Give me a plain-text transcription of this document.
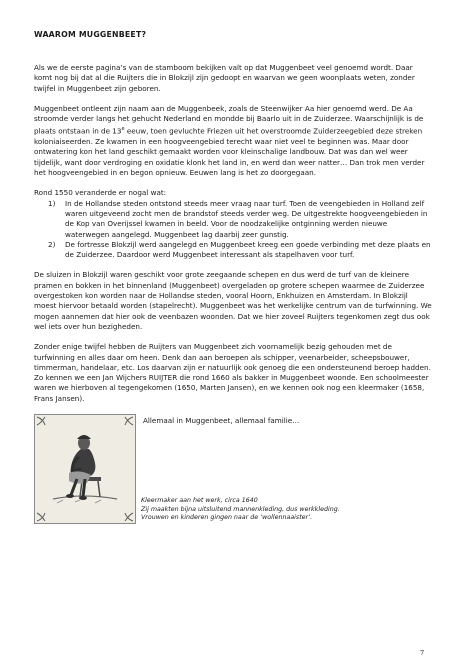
WAAROM MUGGENBEET?
Als we de eerste pagina’s van de stamboom bekijken valt op dat Muggenbeet veel genoemd wordt. Daar komt nog bij dat al die Ruijters die in Blokzijl zijn gedoopt en waarvan we geen woonplaats weten, zonder twijfel in Muggenbeet zijn geboren.
Muggenbeet ontleent zijn naam aan de Muggenbeek, zoals de Steenwijker Aa hier genoemd werd. De Aa stroomde verder langs het gehucht Nederland en mondde bij Baarlo uit in de Zuiderzee. Waarschijnlijk is de plaats ontstaan in de 13e eeuw, toen gevluchte Friezen uit het overstroomde Zuiderzeegebied deze streken koloniaiseerden. Ze kwamen in een hoogveengebied terecht waar niet veel te beginnen was. Maar door ontwatering kon het land geschikt gemaakt worden voor kleinschalige landbouw. Dat was dan wel weer tijdelijk, want door verdroging en oxidatie klonk het land in, en werd dan weer natter… Dan trok men verder het hoogveengebied in en begon opnieuw. Eeuwen lang is het zo doorgegaan.
Rond 1550 veranderde er nogal wat:
1) In de Hollandse steden ontstond steeds meer vraag naar turf. Toen de veengebieden in Holland zelf waren uitgeveend zocht men de brandstof steeds verder weg. De uitgestrekte hoogveengebieden in de Kop van Overijssel kwamen in beeld. Voor de noodzakelijke ontginning werden nieuwe waterwegen aangelegd. Muggenbeet lag daarbij zeer gunstig.
2) De fortresse Blokzijl werd aangelegd en Muggenbeet kreeg een goede verbinding met deze plaats en de Zuiderzee. Daardoor werd Muggenbeet interessant als stapelhaven voor turf.
De sluizen in Blokzijl waren geschikt voor grote zeegaande schepen en dus werd de turf van de kleinere pramen en bokken in het binnenland (Muggenbeet) overgeladen op grotere schepen waarmee de Zuiderzee overgestoken kon worden naar de Hollandse steden, vooral Hoorn, Enkhuizen en Amsterdam. In Blokzijl moest hiervoor betaald worden (stapelrecht). Muggenbeet was het werkelijke centrum van de turfwinning. We mogen aannemen dat hier ook de veenbazen woonden. Dat we hier zoveel Ruijters tegenkomen zegt dus ook wel iets over hun bezigheden.
Zonder enige twijfel hebben de Ruijters van Muggenbeet zich voornamelijk bezig gehouden met de turfwinning en alles daar om heen. Denk dan aan beroepen als schipper, veenarbeider, scheepsbouwer, timmerman, handelaar, etc. Los daarvan zijn er natuurlijk ook genoeg die een ondersteunend beroep hadden. Zo kennen we een Jan Wijchers RUIJTER die rond 1660 als bakker in Muggenbeet woonde. Een schoolmeester waren we hierboven al tegengekomen (1650, Marten Jansen), en we kennen ook nog een kleermaker (1658, Frans Jansen).
Allemaal in Muggenbeet, allemaal familie…
Kleermaker aan het werk, circa 1640
Zij maakten bijna uitsluitend mannenkleding, dus werkkleding.
Vrouwen en kinderen gingen naar de ‘wollennaaister’.
7
